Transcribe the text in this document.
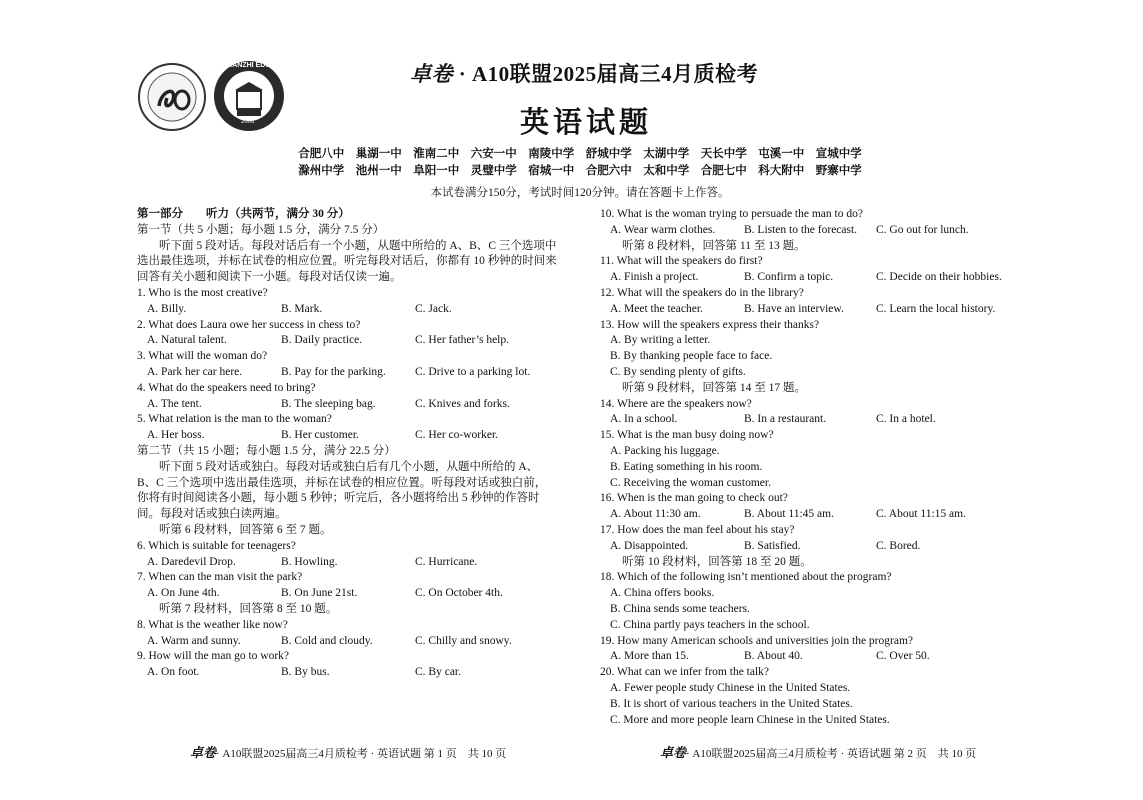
WANZHI EDUCATION
2006
卓卷 · A10联盟2025届高三4月质检考
英语试题
合肥八中　巢湖一中　淮南二中　六安一中　南陵中学　舒城中学　太湖中学　天长中学　屯溪一中　宣城中学
滁州中学　池州一中　阜阳一中　灵璧中学　宿城一中　合肥六中　太和中学　合肥七中　科大附中　野寨中学
本试卷满分150分，考试时间120分钟。请在答题卡上作答。
第一部分　　听力（共两节，满分 30 分）
第一节（共 5 小题；每小题 1.5 分，满分 7.5 分）
听下面 5 段对话。每段对话后有一个小题，从题中所给的 A、B、C 三个选项中选出最佳选项，并标在试卷的相应位置。听完每段对话后，你都有 10 秒钟的时间来回答有关小题和阅读下一小题。每段对话仅读一遍。
1. Who is the most creative?
A. Billy.	B. Mark.	C. Jack.
2. What does Laura owe her success in chess to?
A. Natural talent.	B. Daily practice.	C. Her father’s help.
3. What will the woman do?
A. Park her car here.	B. Pay for the parking.	C. Drive to a parking lot.
4. What do the speakers need to bring?
A. The tent.	B. The sleeping bag.	C. Knives and forks.
5. What relation is the man to the woman?
A. Her boss.	B. Her customer.	C. Her co-worker.
第二节（共 15 小题；每小题 1.5 分，满分 22.5 分）
听下面 5 段对话或独白。每段对话或独白后有几个小题，从题中所给的 A、B、C 三个选项中选出最佳选项，并标在试卷的相应位置。听每段对话或独白前，你将有时间阅读各小题，每小题 5 秒钟；听完后，各小题将给出 5 秒钟的作答时间。每段对话或独白读两遍。
听第 6 段材料，回答第 6 至 7 题。
6. Which is suitable for teenagers?
A. Daredevil Drop.	B. Howling.	C. Hurricane.
7. When can the man visit the park?
A. On June 4th.	B. On June 21st.	C. On October 4th.
听第 7 段材料，回答第 8 至 10 题。
8. What is the weather like now?
A. Warm and sunny.	B. Cold and cloudy.	C. Chilly and snowy.
9. How will the man go to work?
A. On foot.	B. By bus.	C. By car.
10. What is the woman trying to persuade the man to do?
A. Wear warm clothes.	B. Listen to the forecast.	C. Go out for lunch.
听第 8 段材料，回答第 11 至 13 题。
11. What will the speakers do first?
A. Finish a project.	B. Confirm a topic.	C. Decide on their hobbies.
12. What will the speakers do in the library?
A. Meet the teacher.	B. Have an interview.	C. Learn the local history.
13. How will the speakers express their thanks?
A. By writing a letter.
B. By thanking people face to face.
C. By sending plenty of gifts.
听第 9 段材料，回答第 14 至 17 题。
14. Where are the speakers now?
A. In a school.	B. In a restaurant.	C. In a hotel.
15. What is the man busy doing now?
A. Packing his luggage.
B. Eating something in his room.
C. Receiving the woman customer.
16. When is the man going to check out?
A. About 11:30 am.	B. About 11:45 am.	C. About 11:15 am.
17. How does the man feel about his stay?
A. Disappointed.	B. Satisfied.	C. Bored.
听第 10 段材料，回答第 18 至 20 题。
18. Which of the following isn’t mentioned about the program?
A. China offers books.
B. China sends some teachers.
C. China partly pays teachers in the school.
19. How many American schools and universities join the program?
A. More than 15.	B. About 40.	C. Over 50.
20. What can we infer from the talk?
A. Fewer people study Chinese in the United States.
B. It is short of various teachers in the United States.
C. More and more people learn Chinese in the United States.
卓卷· A10联盟2025届高三4月质检考 · 英语试题 第 1 页　共 10 页	卓卷· A10联盟2025届高三4月质检考 · 英语试题 第 2 页　共 10 页
